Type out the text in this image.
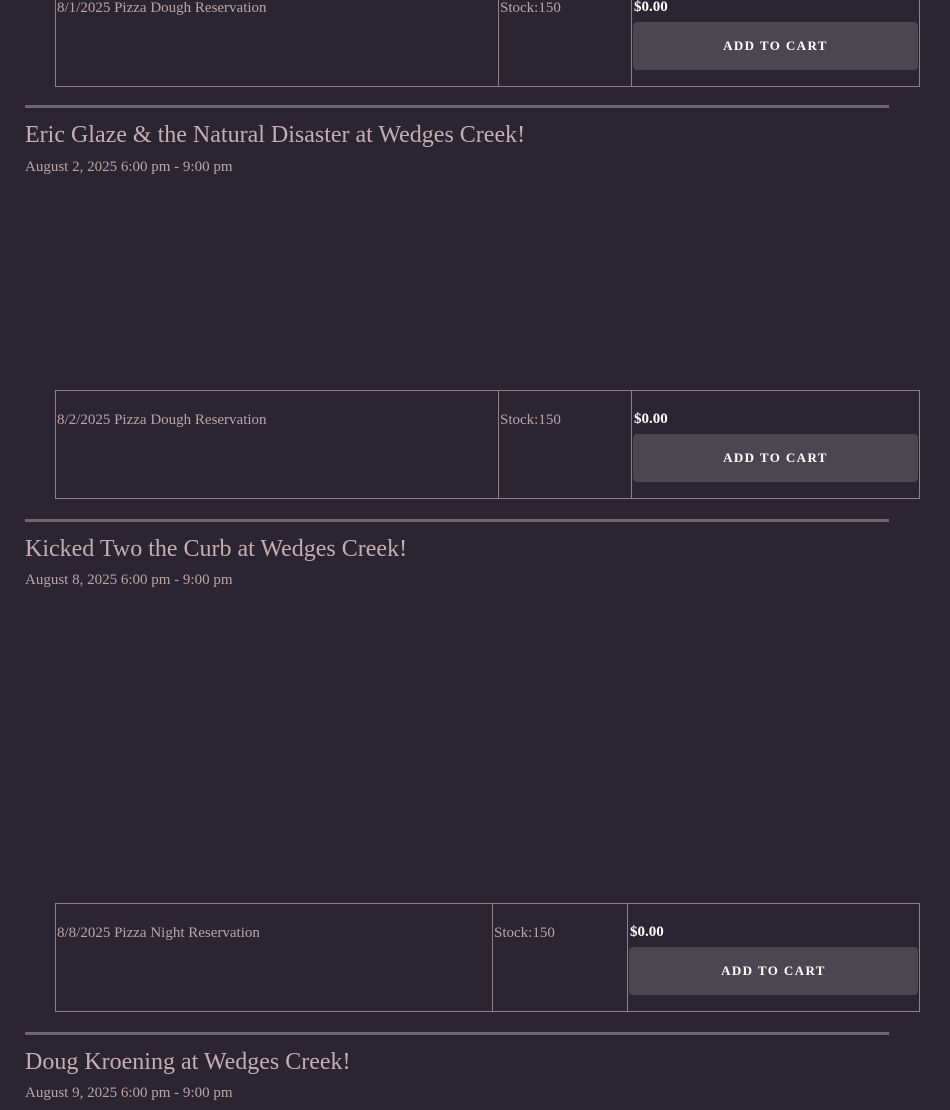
8/1/2025 Pizza Dough Reservation	Stock:150	$0.00
ADD TO CART
Eric Glaze & the Natural Disaster at Wedges Creek!

August 2, 2025 6:00 pm - 9:00 pm

8/2/2025 Pizza Dough Reservation	Stock:150	$0.00
ADD TO CART
Kicked Two the Curb at Wedges Creek!

August 8, 2025 6:00 pm - 9:00 pm

8/8/2025 Pizza Night Reservation	Stock:150	$0.00
ADD TO CART
Doug Kroening at Wedges Creek!

August 9, 2025 6:00 pm - 9:00 pm
